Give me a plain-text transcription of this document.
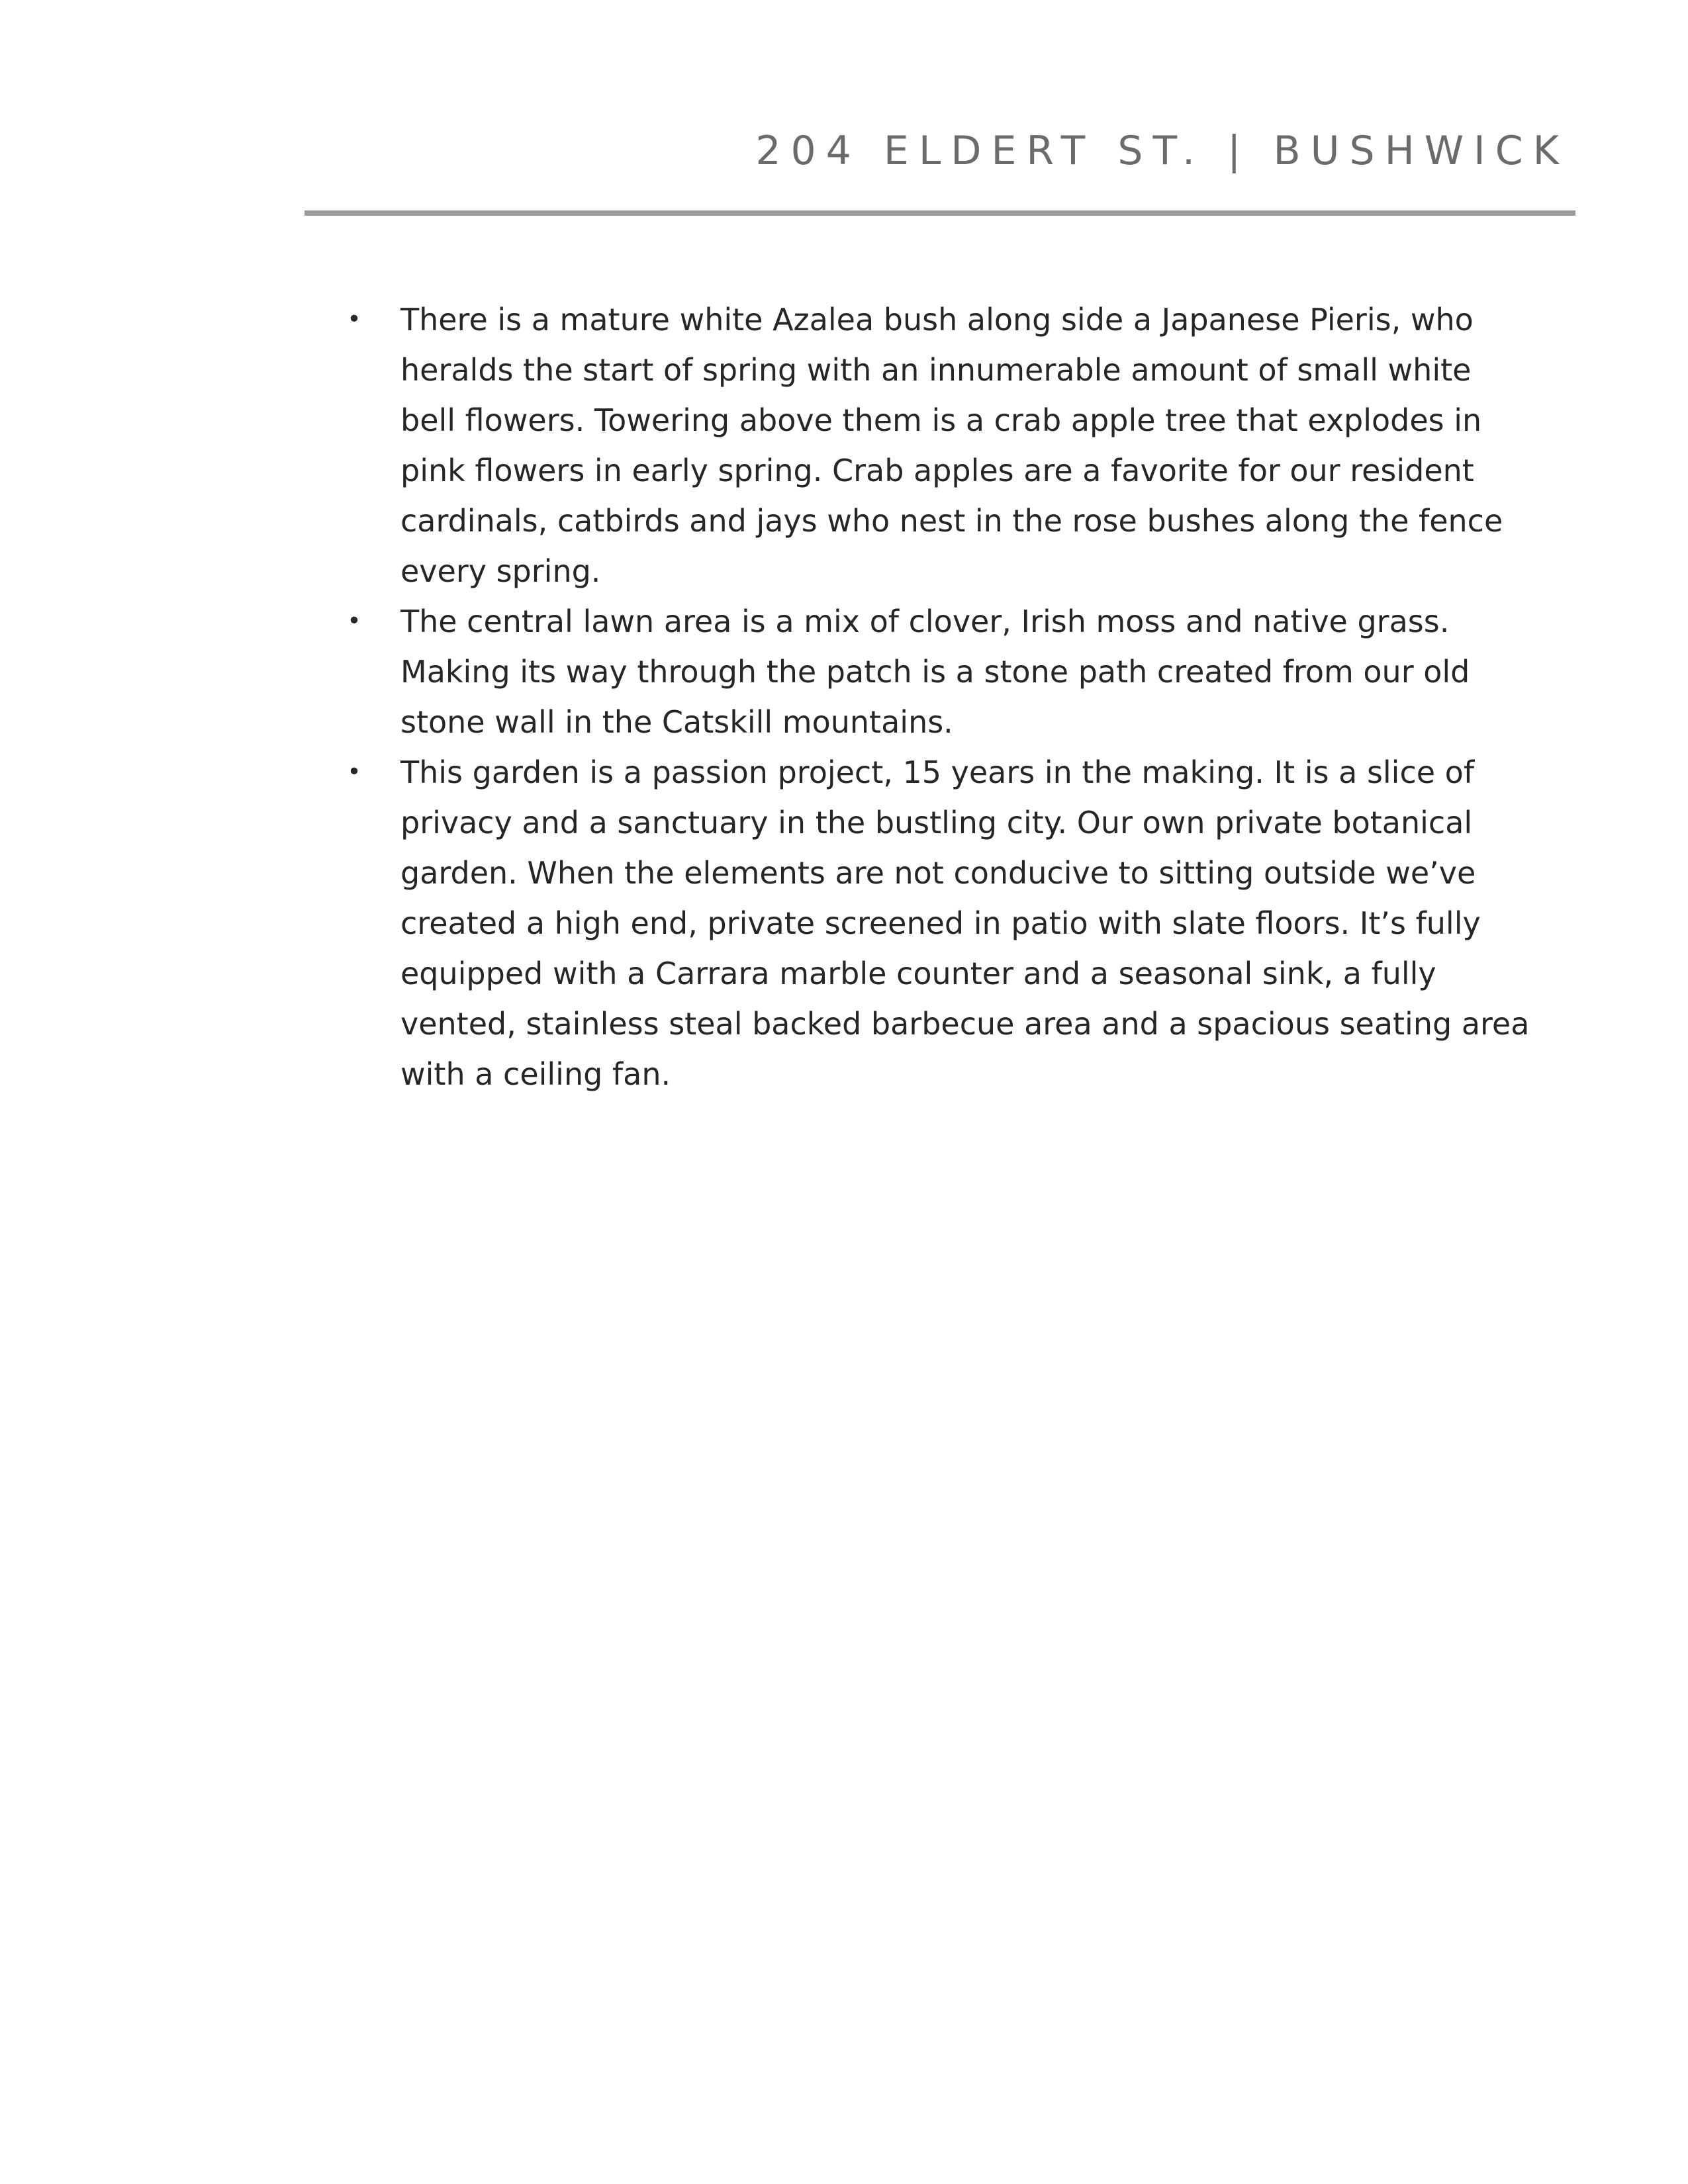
204 ELDERT ST. | BUSHWICK
• There is a mature white Azalea bush along side a Japanese Pieris, who heralds the start of spring with an innumerable amount of small white bell flowers. Towering above them is a crab apple tree that explodes in pink flowers in early spring. Crab apples are a favorite for our resident cardinals, catbirds and jays who nest in the rose bushes along the fence every spring.
• The central lawn area is a mix of clover, Irish moss and native grass. Making its way through the patch is a stone path created from our old stone wall in the Catskill mountains.
• This garden is a passion project, 15 years in the making. It is a slice of privacy and a sanctuary in the bustling city. Our own private botanical garden. When the elements are not conducive to sitting outside we’ve created a high end, private screened in patio with slate floors. It’s fully equipped with a Carrara marble counter and a seasonal sink, a fully vented, stainless steal backed barbecue area and a spacious seating area with a ceiling fan.
